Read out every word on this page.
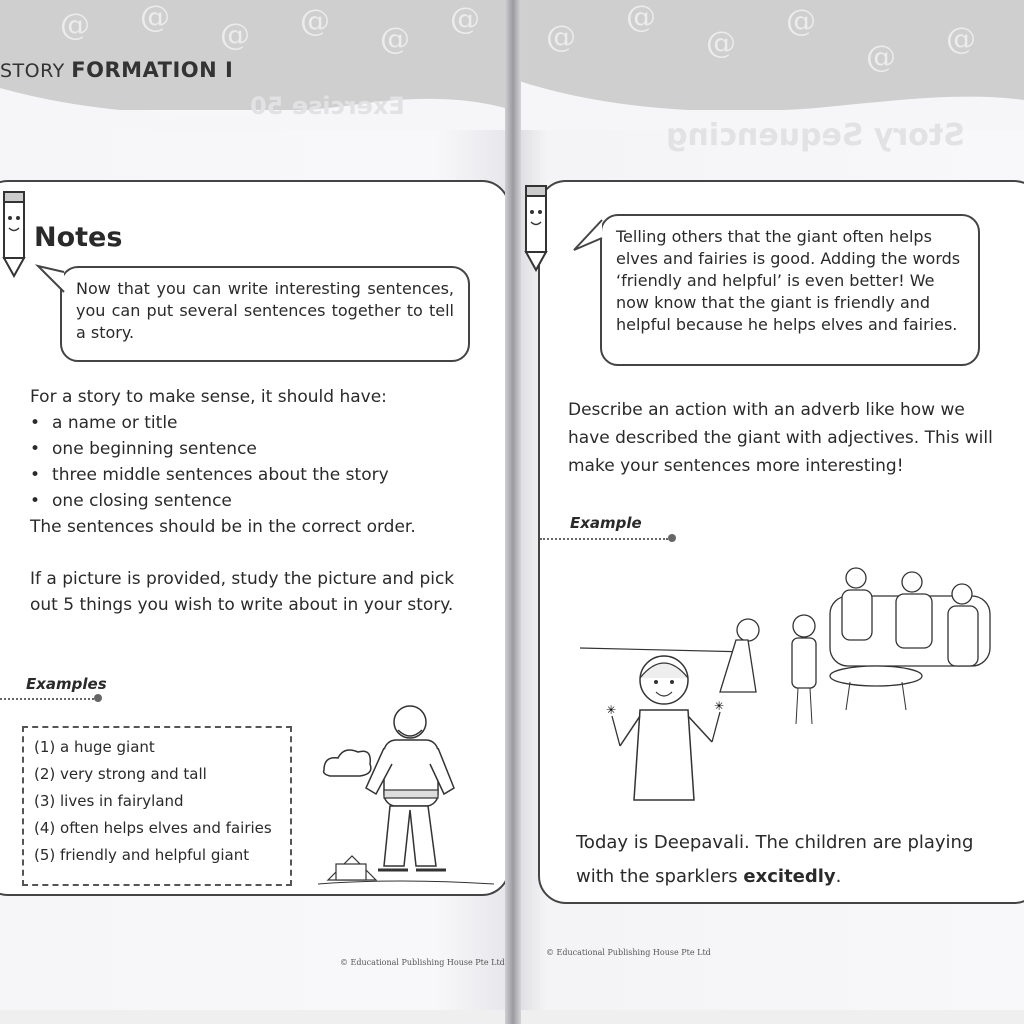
@ @
@ @
@
@
STORY FORMATION I
Exercise 50
Notes
Now that you can write interesting sentences, you can put several sentences together to tell a story.
For a story to make sense, it should have:
• a name or title
• one beginning sentence
• three middle sentences about the story
• one closing sentence
The sentences should be in the correct order.
If a picture is provided, study the picture and pick out 5 things you wish to write about in your story.
Examples
(1) a huge giant
(2) very strong and tall
(3) lives in fairyland
(4) often helps elves and fairies
(5) friendly and helpful giant
© Educational Publishing House Pte Ltd
@
@
@
@
@
@
Story Sequencing
Telling others that the giant often helps elves and fairies is good. Adding the words ‘friendly and helpful’ is even better! We now know that the giant is friendly and helpful because he helps elves and fairies.
Describe an action with an adverb like how we have described the giant with adjectives. This will make your sentences more interesting!
Example
✳	✳
Today is Deepavali. The children are playing with the sparklers excitedly.
© Educational Publishing House Pte Ltd
